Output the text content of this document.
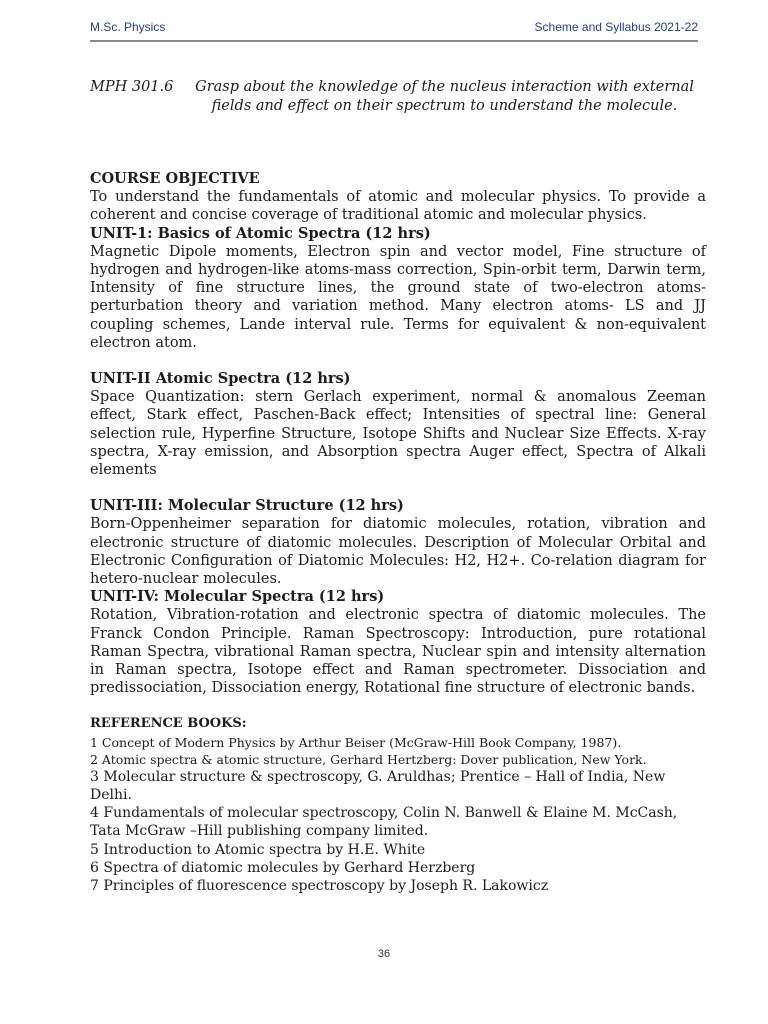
M.Sc. Physics	Scheme and Syllabus 2021-22
MPH 301.6	Grasp about the knowledge of the nucleus interaction with external fields and effect on their spectrum to understand the molecule.

COURSE OBJECTIVE

To understand the fundamentals of atomic and molecular physics. To provide a coherent and concise coverage of traditional atomic and molecular physics.

UNIT-1: Basics of Atomic Spectra (12 hrs)

Magnetic Dipole moments, Electron spin and vector model, Fine structure of hydrogen and hydrogen-like atoms-mass correction, Spin-orbit term, Darwin term, Intensity of fine structure lines, the ground state of two-electron atoms-perturbation theory and variation method. Many electron atoms- LS and JJ coupling schemes, Lande interval rule. Terms for equivalent & non-equivalent electron atom.

UNIT-II Atomic Spectra (12 hrs)

Space Quantization: stern Gerlach experiment, normal & anomalous Zeeman effect, Stark effect, Paschen-Back effect; Intensities of spectral line: General selection rule, Hyperfine Structure, Isotope Shifts and Nuclear Size Effects. X-ray spectra, X-ray emission, and Absorption spectra Auger effect, Spectra of Alkali elements

UNIT-III: Molecular Structure (12 hrs)

Born-Oppenheimer separation for diatomic molecules, rotation, vibration and electronic structure of diatomic molecules. Description of Molecular Orbital and Electronic Configuration of Diatomic Molecules: H2, H2+. Co-relation diagram for hetero-nuclear molecules.

UNIT-IV: Molecular Spectra (12 hrs)

Rotation, Vibration-rotation and electronic spectra of diatomic molecules. The Franck Condon Principle. Raman Spectroscopy: Introduction, pure rotational Raman Spectra, vibrational Raman spectra, Nuclear spin and intensity alternation in Raman spectra, Isotope effect and Raman spectrometer. Dissociation and predissociation, Dissociation energy, Rotational fine structure of electronic bands.

REFERENCE BOOKS:

1 Concept of Modern Physics by Arthur Beiser (McGraw-Hill Book Company, 1987).

2 Atomic spectra & atomic structure, Gerhard Hertzberg: Dover publication, New York.

3 Molecular structure & spectroscopy, G. Aruldhas; Prentice – Hall of India, New Delhi.

4 Fundamentals of molecular spectroscopy, Colin N. Banwell & Elaine M. McCash, Tata McGraw –Hill publishing company limited.

5 Introduction to Atomic spectra by H.E. White

6 Spectra of diatomic molecules by Gerhard Herzberg

7 Principles of fluorescence spectroscopy by Joseph R. Lakowicz

36
